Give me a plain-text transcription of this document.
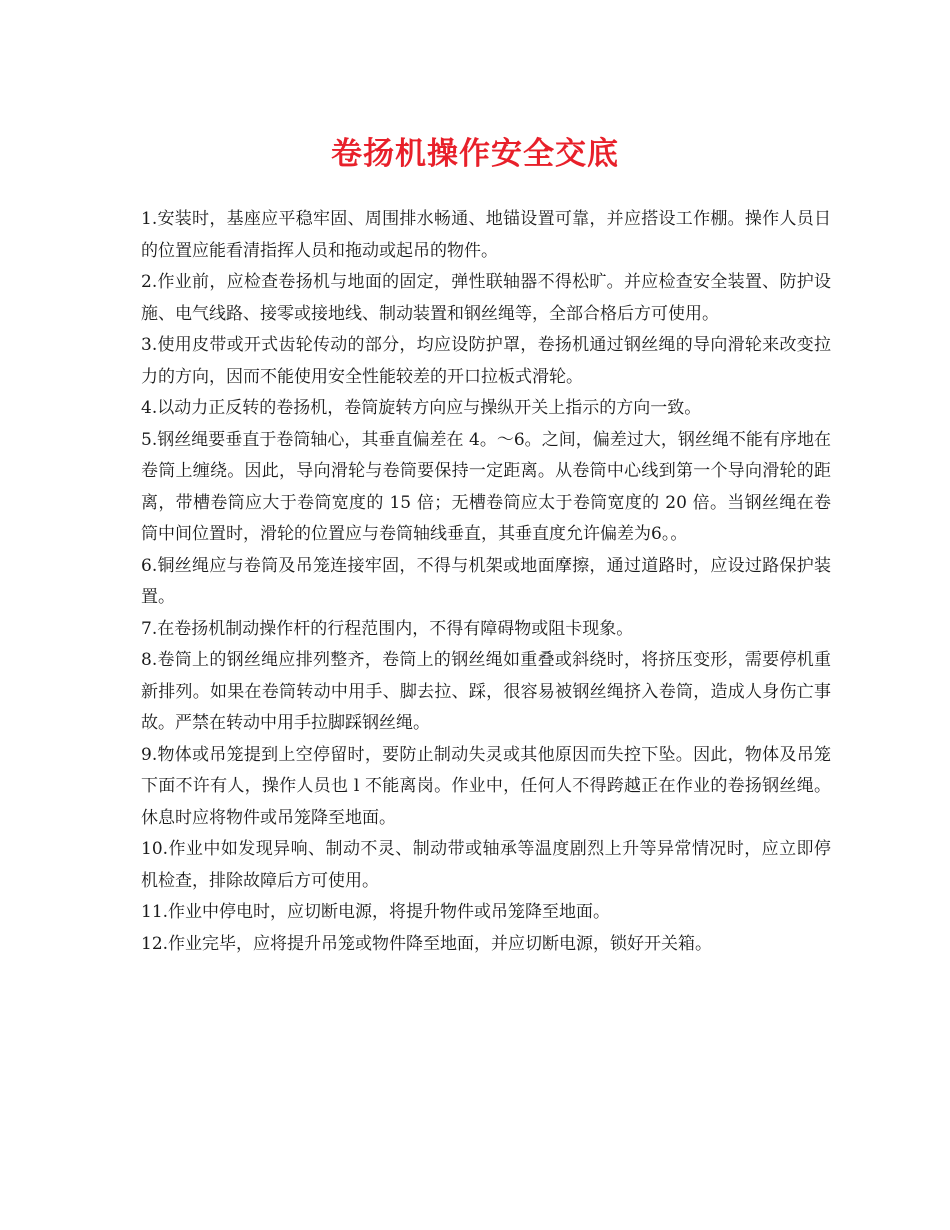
卷扬机操作安全交底

1.安装时，基座应平稳牢固、周围排水畅通、地锚设置可靠，并应搭设工作棚。操作人员日的位置应能看清指挥人员和拖动或起吊的物件。

2.作业前，应检查卷扬机与地面的固定，弹性联轴器不得松旷。并应检查安全装置、防护设施、电气线路、接零或接地线、制动装置和钢丝绳等，全部合格后方可使用。

3.使用皮带或开式齿轮传动的部分，均应设防护罩，卷扬机通过钢丝绳的导向滑轮来改变拉力的方向，因而不能使用安全性能较差的开口拉板式滑轮。

4.以动力正反转的卷扬机，卷筒旋转方向应与操纵开关上指示的方向一致。

5.钢丝绳要垂直于卷筒轴心，其垂直偏差在 4。～6。之间，偏差过大，钢丝绳不能有序地在卷筒上缠绕。因此，导向滑轮与卷筒要保持一定距离。从卷筒中心线到第一个导向滑轮的距离，带槽卷筒应大于卷筒宽度的 15 倍；无槽卷筒应太于卷筒宽度的 20 倍。当钢丝绳在卷筒中间位置时，滑轮的位置应与卷筒轴线垂直，其垂直度允许偏差为6。。

6.铜丝绳应与卷筒及吊笼连接牢固，不得与机架或地面摩擦，通过道路时，应设过路保护装置。

7.在卷扬机制动操作杆的行程范围内，不得有障碍物或阻卡现象。

8.卷筒上的钢丝绳应排列整齐，卷筒上的钢丝绳如重叠或斜绕时，将挤压变形，需要停机重新排列。如果在卷筒转动中用手、脚去拉、踩，很容易被钢丝绳挤入卷筒，造成人身伤亡事故。严禁在转动中用手拉脚踩钢丝绳。

9.物体或吊笼提到上空停留时，要防止制动失灵或其他原因而失控下坠。因此，物体及吊笼下面不许有人，操作人员也 l 不能离岗。作业中，任何人不得跨越正在作业的卷扬钢丝绳。休息时应将物件或吊笼降至地面。

10.作业中如发现异响、制动不灵、制动带或轴承等温度剧烈上升等异常情况时，应立即停机检查，排除故障后方可使用。

11.作业中停电时，应切断电源，将提升物件或吊笼降至地面。

12.作业完毕，应将提升吊笼或物件降至地面，并应切断电源，锁好开关箱。
